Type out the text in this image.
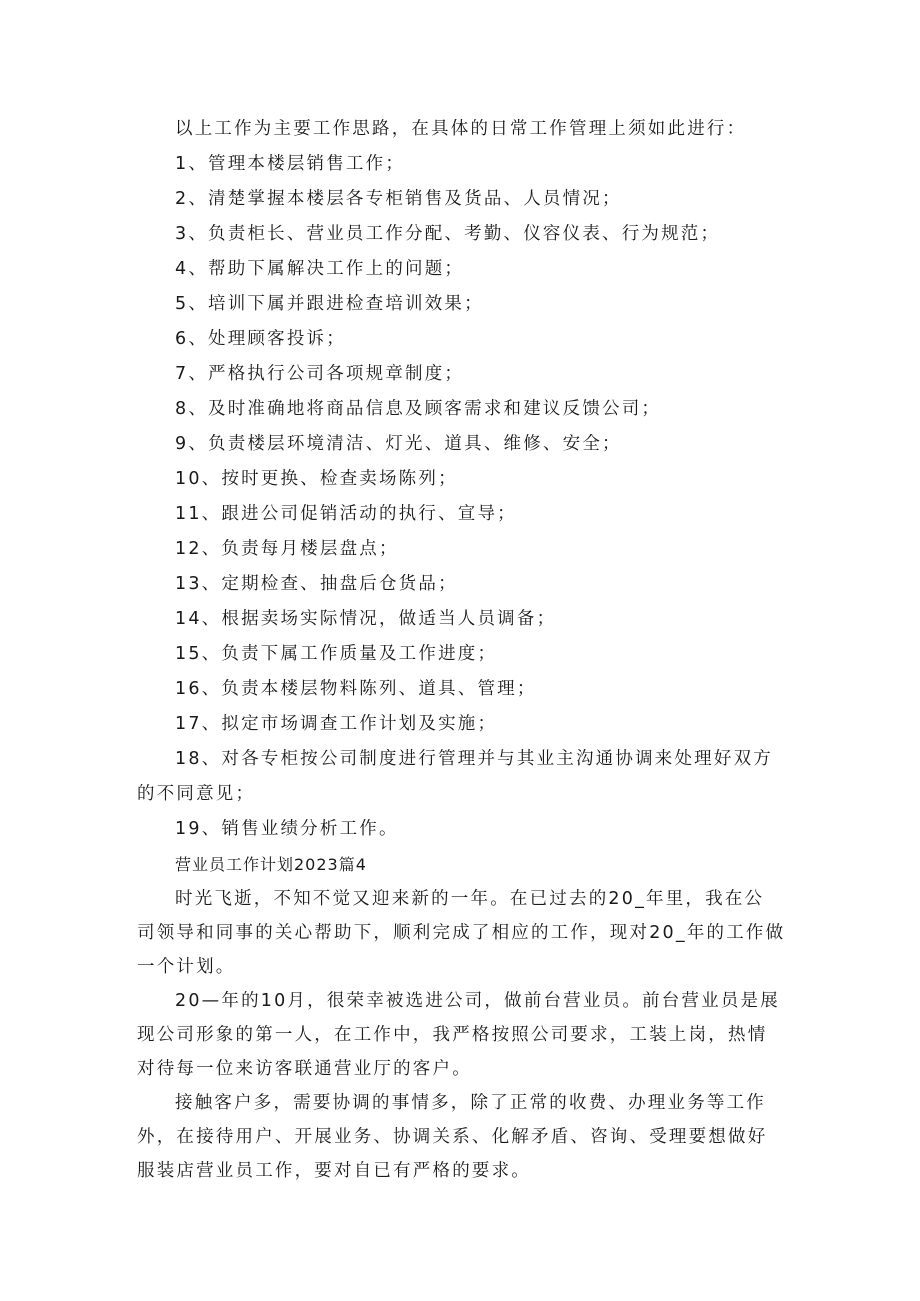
以上工作为主要工作思路，在具体的日常工作管理上须如此进行：

1、管理本楼层销售工作；

2、清楚掌握本楼层各专柜销售及货品、人员情况；

3、负责柜长、营业员工作分配、考勤、仪容仪表、行为规范；

4、帮助下属解决工作上的问题；

5、培训下属并跟进检查培训效果；

6、处理顾客投诉；

7、严格执行公司各项规章制度；

8、及时准确地将商品信息及顾客需求和建议反馈公司；

9、负责楼层环境清洁、灯光、道具、维修、安全；

10、按时更换、检查卖场陈列；

11、跟进公司促销活动的执行、宣导；

12、负责每月楼层盘点；

13、定期检查、抽盘后仓货品；

14、根据卖场实际情况，做适当人员调备；

15、负责下属工作质量及工作进度；

16、负责本楼层物料陈列、道具、管理；

17、拟定市场调查工作计划及实施；

18、对各专柜按公司制度进行管理并与其业主沟通协调来处理好双方

的不同意见；

19、销售业绩分析工作。

营业员工作计划2023篇4

时光飞逝，不知不觉又迎来新的一年。在已过去的20_年里，我在公
司领导和同事的关心帮助下，顺利完成了相应的工作，现对20_年的工作做
一个计划。
20—年的10月，很荣幸被选进公司，做前台营业员。前台营业员是展
现公司形象的第一人，在工作中，我严格按照公司要求，工装上岗，热情
对待每一位来访客联通营业厅的客户。
接触客户多，需要协调的事情多，除了正常的收费、办理业务等工作
外，在接待用户、开展业务、协调关系、化解矛盾、咨询、受理要想做好
服装店营业员工作，要对自已有严格的要求。
